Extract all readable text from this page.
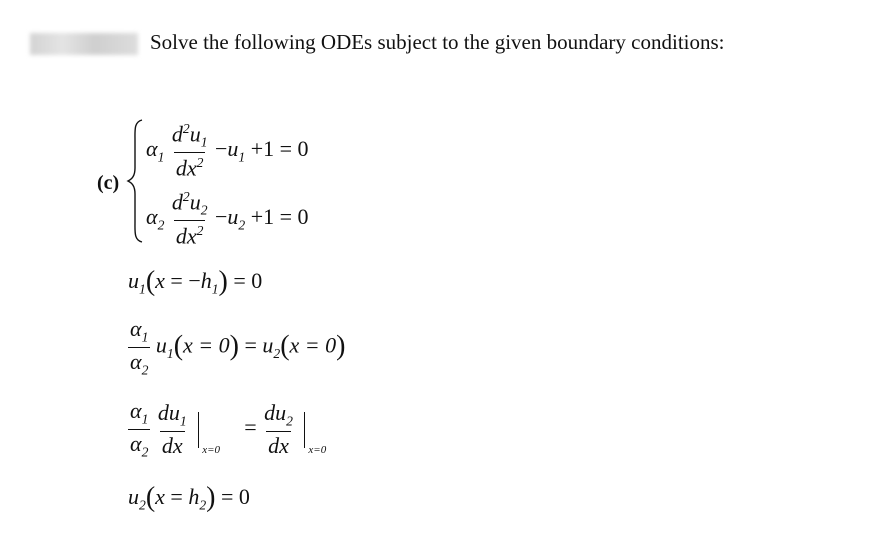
Solve the following ODEs subject to the given boundary conditions:
(c)
$\alpha_1 \frac{d^2u_1}{dx^2} -u_1 +1 = 0$
$\alpha_2 \frac{d^2u_2}{dx^2} -u_2 +1 = 0$
$u_1(x = -h_1) = 0$
$\frac{\alpha_1}{\alpha_2} u_1(x = 0) = u_2(x = 0)$
$\frac{\alpha_1}{\alpha_2}$
$\frac{du_1}{dx}$
x=0
= $\frac{du_2}{dx}$
x=0
$u_2(x = h_2) = 0$
